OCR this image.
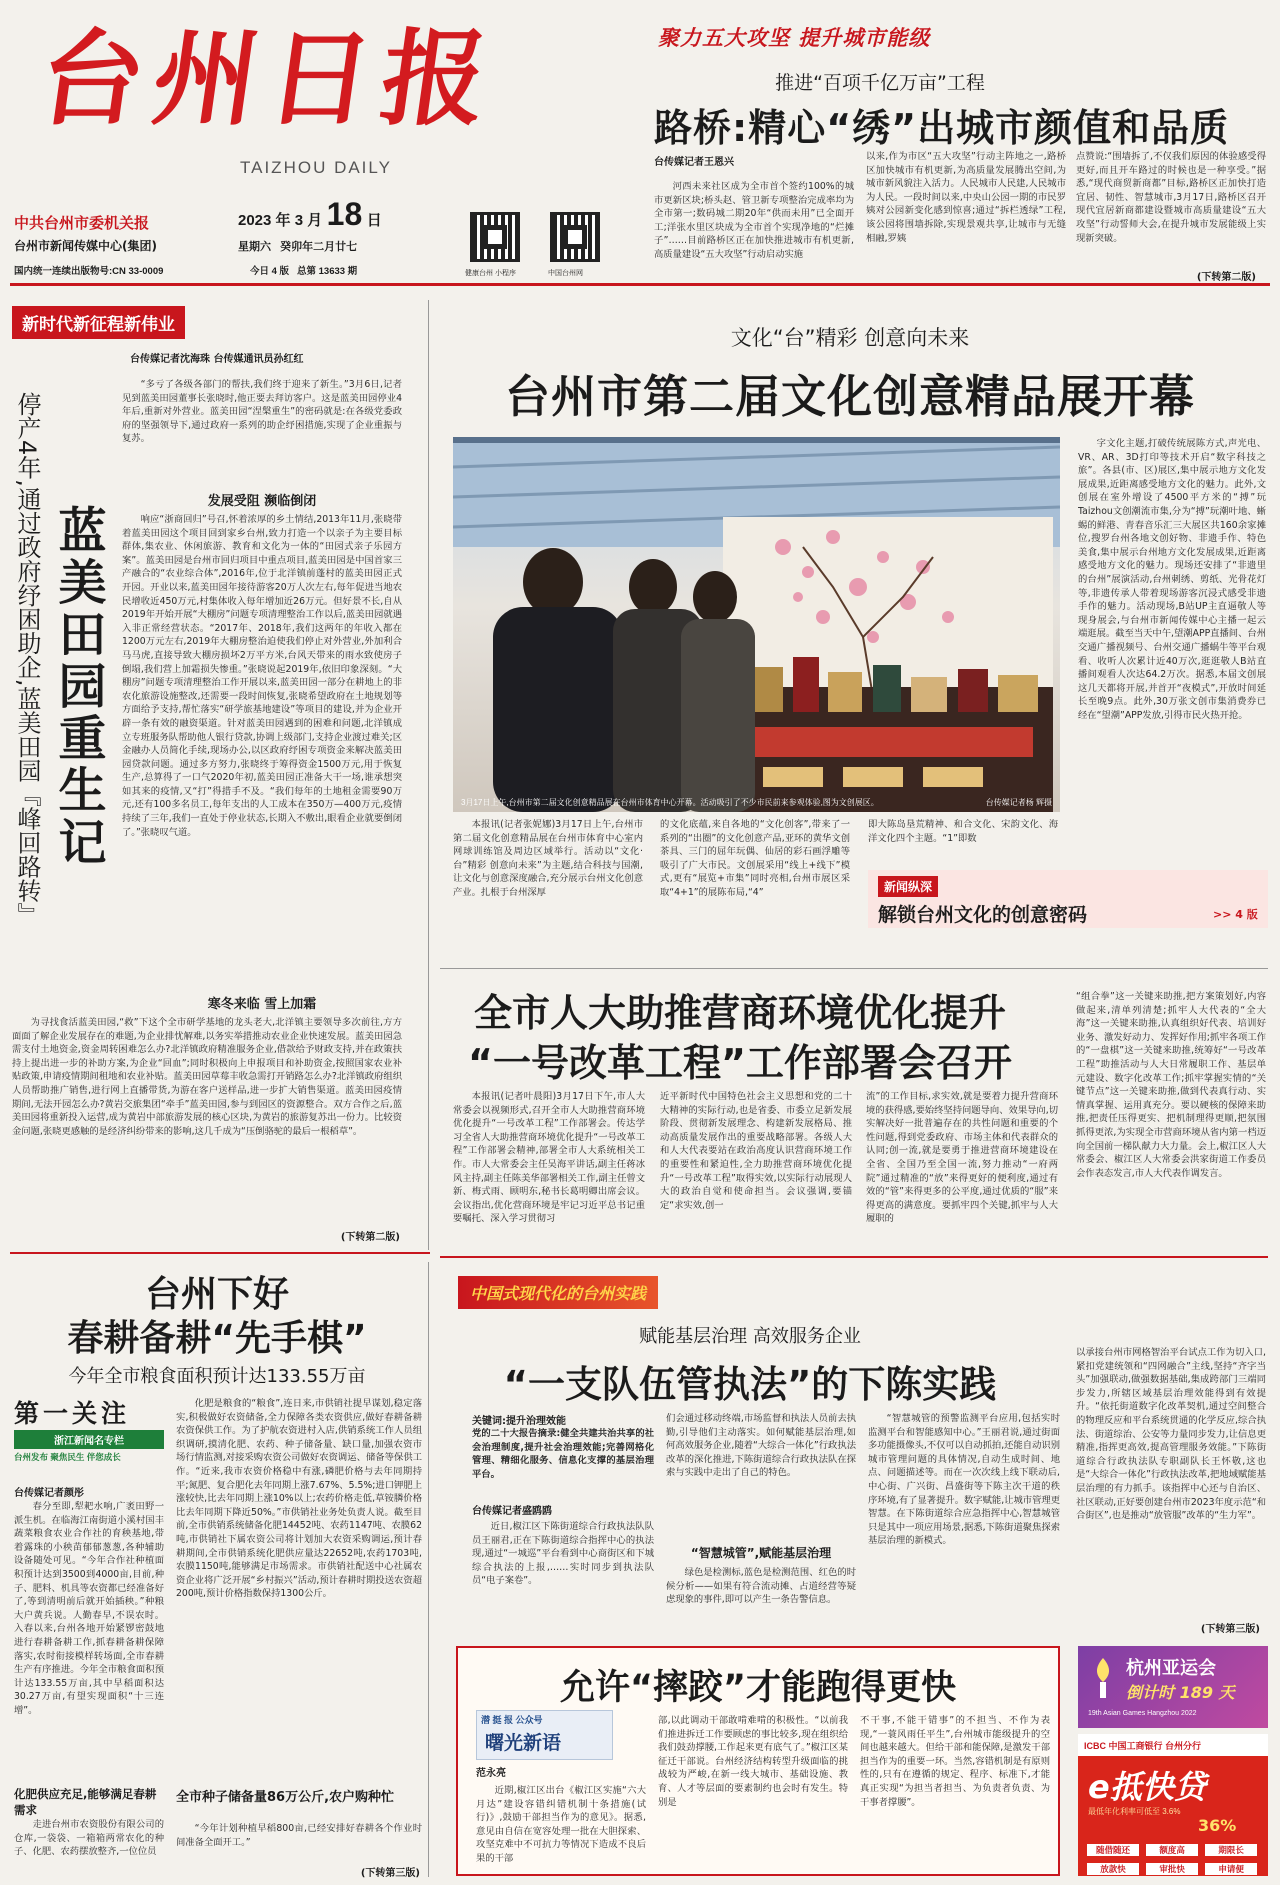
台州日报
TAIZHOU DAILY
中共台州市委机关报
台州市新闻传媒中心(集团)
国内统一连续出版物号:CN 33-0009
2023 年 3 月 18 日
星期六 癸卯年二月廿七
今日 4 版 总第 13633 期	健康台州 小程序	中国台州网
聚力五大攻坚 提升城市能级
推进“百项千亿万亩”工程
路桥:精心“绣”出城市颜值和品质
台传媒记者王恩兴
河西未来社区成为全市首个签约100%的城市更新区块;桥头赵、管卫新专项整治完成率均为全市第一;数码城二期20年“供而未用”已全面开工;洋张水里区块成为全市首个实现净地的“烂摊子”……目前路桥区正在加快推进城市有机更新,高质量建设“五大攻坚”行动启动实施
以来,作为市区“五大攻坚”行动主阵地之一,路桥区加快城市有机更新,为高质量发展腾出空间,为城市新风貌注入活力。人民城市人民建,人民城市为人民。一段时间以来,中央山公园一期的市民罗姨对公园新变化感到惊喜;通过“拆栏透绿”工程,该公园将围墙拆除,实现景观共享,让城市与无缝相融,罗姨
点赞说:“围墙拆了,不仅我们原因的体验感受得更好,而且开车路过的时候也是一种享受。”据悉,“现代商贸新商都”目标,路桥区正加快打造宜居、韧性、智慧城市,3月17日,路桥区召开现代宜居新商都建设暨城市高质量建设“五大攻坚”行动誓师大会,在提升城市发展能级上实现新突破。
(下转第二版)
新时代新征程新伟业
台传媒记者沈海珠 台传媒通讯员孙红红
停产4年,通过政府纾困助企,蓝美田园『峰回路转』 蓝美田园重生记
“多亏了各级各部门的帮扶,我们终于迎来了新生。”3月6日,记者见到蓝美田园董事长张晓时,他正要去拜访客户。这是蓝美田园停业4年后,重新对外营业。蓝美田园“涅槃重生”的密码就是:在各级党委政府的坚强领导下,通过政府一系列的助企纾困措施,实现了企业重振与复苏。
发展受阻 濒临倒闭
响应“浙商回归”号召,怀着浓厚的乡土情结,2013年11月,张晓带着蓝美田园这个项目回到家乡台州,致力打造一个以亲子为主要目标群体,集农业、休闲旅游、教育和文化为一体的“田园式亲子乐园方案”。蓝美田园是台州市回归项目中重点项目,蓝美田园是中国首家三产融合的“农业综合体”,2016年,位于北洋镇前蓬村的蓝美田园正式开园。开业以来,蓝美田园年接待游客20万人次左右,每年促进当地农民增收近450万元,村集体收入每年增加近26万元。但好景不长,自从2019年开始开展“大棚房”问题专项清理整治工作以后,蓝美田园就遇入非正常经营状态。“2017年、2018年,我们这两年的年收入都在1200万元左右,2019年大棚房整治迫使我们停止对外营业,外加利合马马虎,直接导致大棚房损坏2万平方米,台风天带来的雨水致使房子倒塌,我们营上加霜损失惨重。”张晓说起2019年,依旧印象深刻。“大棚房”问题专项清理整治工作开展以来,蓝美田园一部分在耕地上的非农化旅游设施整改,还需要一段时间恢复,张晓希望政府在土地规划等方面给予支持,帮忙落实“研学旅基地建设”等项目的建设,并为企业开辟一条有效的融资渠道。针对蓝美田园遇到的困难和问题,北洋镇成立专班服务队帮助他人银行贷款,协调上级部门,支持企业渡过难关;区金融办人员简化手续,现场办公,以区政府纾困专项资金来解决蓝美田园贷款问题。通过多方努力,张晓终于筹得资金1500万元,用于恢复生产,总算得了一口气2020年初,蓝美田园正准备大干一场,谁承想突如其来的疫情,又“打”得措手不及。“我们每年的土地租金需要90万元,还有100多名员工,每年支出的人工成本在350万—400万元,疫情持续了三年,我们一直处于停业状态,长期入不敷出,眼看企业就要倒闭了。”张晓叹气道。
寒冬来临 雪上加霜
为寻找食活蓝美田园,“救”下这个全市研学基地的龙头老大,北洋镇主要领导多次前往,方方面面了解企业发展存在的难题,为企业排忧解难,以务实举措推动农业企业快速发展。蓝美田园急需支付土地资金,资金周转困难怎么办?北洋镇政府精准服务企业,借款给予财政支持,并在政策扶持上提出进一步的补助方案,为企业“回血”;同时积极向上申报项目和补助资金,按照国家农业补贴政策,申请疫情期间租地和农业补贴。蓝美田园草莓丰收急需打开销路怎么办?北洋镇政府组织人员帮助推广销售,进行网上直播带货,为游在客户送样品,进一步扩大销售渠道。蓝美田园疫情期间,无法开园怎么办?黄岩交旅集团“牵手”蓝美田园,参与到园区的资源整合。双方合作之后,蓝美田园将重新投入运营,成为黄岩中部旅游发展的核心区块,为黄岩的旅游复苏出一份力。比较资金问题,张晓更感触的是经济纠纷带来的影响,这几千成为“压倒骆驼的最后一根稻草”。
(下转第二版)
文化“台”精彩 创意向未来
台州市第二届文化创意精品展开幕
3月17日上午,台州市第二届文化创意精品展在台州市体育中心开幕。活动吸引了不少市民前来参观体验,图为文创展区。	台传媒记者杨 辉摄
字文化主题,打破传统展陈方式,声光电、VR、AR、3D打印等技术开启“数字科技之旅”。各县(市、区)展区,集中展示地方文化发展成果,近距离感受地方文化的魅力。此外,文创展在室外增设了4500平方米的“搏”玩Taizhou文创潮流市集,分为“搏”玩潮叶地、蜥蜴的鲜港、青春音乐汇三大展区共160余家摊位,搜罗台州各地文创好物、非遗手作、特色美食,集中展示台州地方文化发展成果,近距离感受地方文化的魅力。现场还安排了“非遗里的台州”展演活动,台州刺绣、剪纸、光骨花灯等,非遗传承人带着现场游客沉浸式感受非遗手作的魅力。活动现场,B站UP主直逼敬人等现身展会,与台州市新闻传媒中心主播一起云端逛展。截至当天中午,望潮APP直播间、台州交通广播视频号、台州交通广播蜗牛等平台观看、收听人次累计近40万次,逛逛敬人B站直播间观看人次达64.2万次。据悉,本届文创展这几天都将开展,并首开“夜模式”,开放时间延长至晚9点。此外,30万张文创市集消费券已经在“望潮”APP发放,引得市民火热开抢。
本报讯(记者张妮娜)3月17日上午,台州市第二届文化创意精品展在台州市体育中心室内网球训练馆及周边区域举行。活动以“文化·台”精彩 创意向未来”为主题,结合科技与国潮,让文化与创意深度融合,充分展示台州文化创意产业。扎根于台州深厚
的文化底蕴,来自各地的“文化创客”,带来了一系列的“出圈”的文化创意产品,亚环的黄华文创茶具、三门的屈年玩偶、仙居的彩石画浮雕等吸引了广大市民。文创展采用“线上+线下”模式,更有“展览+市集”同时亮相,台州市展区采取“4+1”的展陈布局,“4”
即大陈岛垦荒精神、和合文化、宋韵文化、海洋文化四个主题。“1”即数
新闻纵深
解锁台州文化的创意密码	>> 4 版
全市人大助推营商环境优化提升
“一号改革工程”工作部署会召开
本报讯(记者叶晨阳)3月17日下午,市人大常委会以视频形式,召开全市人大助推营商环境优化提升“一号改革工程”工作部署会。传达学习全省人大助推营商环境优化提升“一号改革工程”工作部署会精神,部署全市人大系统相关工作。市人大常委会主任吴海平讲话,副主任蒋冰风主持,副主任陈美华部署相关工作,副主任曾文新、梅式雨、顾明东,秘书长葛明卿出席会议。会议指出,优化营商环境是牢记习近平总书记重要嘱托、深入学习贯彻习
近平新时代中国特色社会主义思想和党的二十大精神的实际行动,也是省委、市委立足新发展阶段、贯彻新发展理念、构建新发展格局、推动高质量发展作出的重要战略部署。各级人大和人大代表要站在政治高度认识营商环境工作的重要性和紧迫性,全力助推营商环境优化提升“一号改革工程”取得实效,以实际行动展现人大的政治自觉和使命担当。会议强调,要锚定“求实效,创一
流”的工作目标,求实效,就是要着力提升营商环境的获得感,要始终坚持问题导向、效果导向,切实解决好一批普遍存在的共性问题和重要的个性问题,得到党委政府、市场主体和代表群众的认同;创一流,就是要勇于推进营商环境建设在全省、全国乃至全国一流,努力推动“一府两院”通过精准的“放”来得更好的便利度,通过有效的“管”来得更多的公平度,通过优质的“服”来得更高的满意度。要抓牢四个关键,抓牢与人大履职的
“组合拳”这一关键来助推,把方案策划好,内容做起来,清单列清楚;抓牢人大代表的“全大海”这一关键来助推,认真组织好代表、培训好业务、激发好动力、发挥好作用;抓牢各项工作的“一盘棋”这一关键来助推,统筹好“一号改革工程”助推活动与人大日常履职工作、基层单元建设、数字化改革工作;抓牢掌握实情的“关键节点”这一关键来助推,做到代表真行动、实情真掌握、运用真充分。要以硬核的保障来助推,把责任压得更实、把机制理得更顺,把氛围抓得更浓,为实现全市营商环境从省内第一档迈向全国前一梯队献力大力量。会上,椒江区人大常委会、椒江区人大常委会洪家街道工作委员会作表态发言,市人大代表作调发言。
台州下好
春耕备耕“先手棋”
今年全市粮食面积预计达133.55万亩
第一关注
浙江新闻名专栏
台州发布 聚焦民生 伴您成长
台传媒记者颜彤
春分至即,犁耙水响,广袤田野一派生机。在临海江南街道小溪村国丰蔬菜粮食农业合作社的育秧基地,带着露珠的小秧苗郁郁葱葱,各种辅助设备随处可见。“今年合作社种植面积预计达到3500到4000亩,目前,种子、肥料、机具等农资都已经准备好了,等到清明前后就开始插秧。”种粮大户黄兵说。人勤春早,不误农时。入春以来,台州各地开始紧锣密鼓地进行春耕备耕工作,抓春耕备耕保障落实,农时衔接模样转场面,全市春耕生产有序推进。今年全市粮食面积预计达133.55万亩,其中早稻面积达30.27万亩,有望实现面积“十三连增”。
化肥供应充足,能够满足春耕需求
走进台州市农资股份有限公司的仓库,一袋袋、一箱箱两常农化的种子、化肥、农药摆放整齐,一位位员
化肥是粮食的“粮食”,连日来,市供销社提早谋划,稳定落实,积极做好农资储备,全力保障各类农资供应,做好春耕备耕农资保供工作。为了护航农资进村入店,供销系统工作人员组织调研,摸清化肥、农药、种子储备量、缺口量,加强农资市场行情监测,对接采购农资公司做好农资调运、储备等保供工作。“近来,我市农资价格稳中有涨,磷肥价格与去年同期持平;氮肥、复合肥化去年同期上涨7.67%、5.5%;进口钾肥上涨较快,比去年同期上涨10%以上;农药价格走低,草铵膦价格比去年同期下降近50%。”市供销社业务处负责人说。截至目前,全市供销系统储备化肥14452吨、农药1147吨、农膜62吨,市供销社下属农资公司将计划加大农资采购调运,预计春耕期间,全市供销系统化肥供应量达22652吨,农药1703吨,农膜1150吨,能够满足市场需求。市供销社配送中心社属农资企业将广泛开展“乡村振兴”活动,预计春耕时期投送农资超200吨,预计价格指数保持1300公斤。
全市种子储备量86万公斤,农户购种忙
“今年计划种植早稻800亩,已经安排好春耕各个作业时间准备全面开工。”
(下转第三版)
中国式现代化的台州实践
赋能基层治理 高效服务企业
“一支队伍管执法”的下陈实践
关键词:提升治理效能
党的二十大报告摘录:健全共建共治共享的社会治理制度,提升社会治理效能;完善网格化管理、精细化服务、信息化支撑的基层治理平台。
台传媒记者盛鸥鸥
近日,椒江区下陈街道综合行政执法队队员王丽君,正在下陈街道综合指挥中心的执法现,通过“一城巡”平台看到中心商街区和下城综合执法的上报,……实时同步到执法队员“电子案卷”。
们会通过移动终端,市场监督和执法人员前去执勤,引导他们主动落实。如何赋能基层治理,如何高效服务企业,随着“大综合一体化”行政执法改革的深化推进,下陈街道综合行政执法队在探索与实践中走出了自己的特色。
“智慧城管”,赋能基层治理
绿色是检测标,蓝色是检测范围、红色的时候分析——如果有符合流动摊、占道经营等疑虑现象的事件,即可以产生一条告警信息。
“智慧城管的预警监测平台应用,包括实时监测平台和智能感知中心。”王丽君说,通过街面多功能摄像头,不仅可以自动抓拍,还能自动识别城市管理问题的具体情况,自动生成时间、地点、问题描述等。而在一次次线上线下联动后,中心街、广兴街、昌盛街等下陈主次干道的秩序环境,有了显著提升。数字赋能,让城市管理更智慧。在下陈街道综合应急指挥中心,智慧城管只是其中一项应用场景,据悉,下陈街道聚焦探索基层治理的新模式。
以承接台州市网格智治平台试点工作为切入口,紧扣党建统领和“四网融合”主线,坚持“齐字当头”加强联动,做强数据基础,集成跨部门三端同步发力,所辖区域基层治理效能得到有效提升。“依托街道数字化改革契机,通过空间整合的物理反应和平台系统贯通的化学反应,综合执法、街道综治、公安等力量同步发力,让信息更精准,指挥更高效,提高管理服务效能。”下陈街道综合行政执法队专职副队长王怀敬,这也是“大综合一体化”行政执法改革,把地域赋能基层治理的有力抓手。该指挥中心还与自治区、社区联动,正好要创建台州市2023年度示范“和合街区”,也是推动“放管服”改革的“生力军”。
(下转第三版)
允许“摔跤”才能跑得更快
潜 挺 报 公众号
曙光新语
范永亮
近期,椒江区出台《椒江区实施“六大月达”建设容错纠错机制十条措施(试行)》,鼓励干部担当作为的意见》。据悉,意见由自信在宽容处理一批在大胆探索、攻坚克难中不可抗力等情况下造成不良后果的干部
部,以此调动干部敢啃难啃的积极性。“以前我们推进拆迁工作要顾虑的事比较多,现在组织给我们鼓劲撑腰,工作起来更有底气了。”椒江区某征迁干部说。台州经济结构转型升级面临的挑战较为严峻,在新一线大城市、基础设施、教育、人才等层面的要素制约也会时有发生。特别是
不干事,不能干错事”的不担当、不作为表现,“一蓑风雨任平生”,台州城市能级提升的空间也越来越大。但给干部和能保障,是激发干部担当作为的重要一环。当然,容错机制是有原则性的,只有在遵循的规定、程序、标准下,才能真正实现“为担当者担当、为负责者负责、为干事者撑腰”。
杭州亚运会
倒计时 189 天
19th Asian Games Hangzhou 2022
ICBC 中国工商银行 台州分行
e抵快贷
最低年化利率可低至 3.6%
36%
随借随还	额度高	期限长 放款快	审批快	申请便
